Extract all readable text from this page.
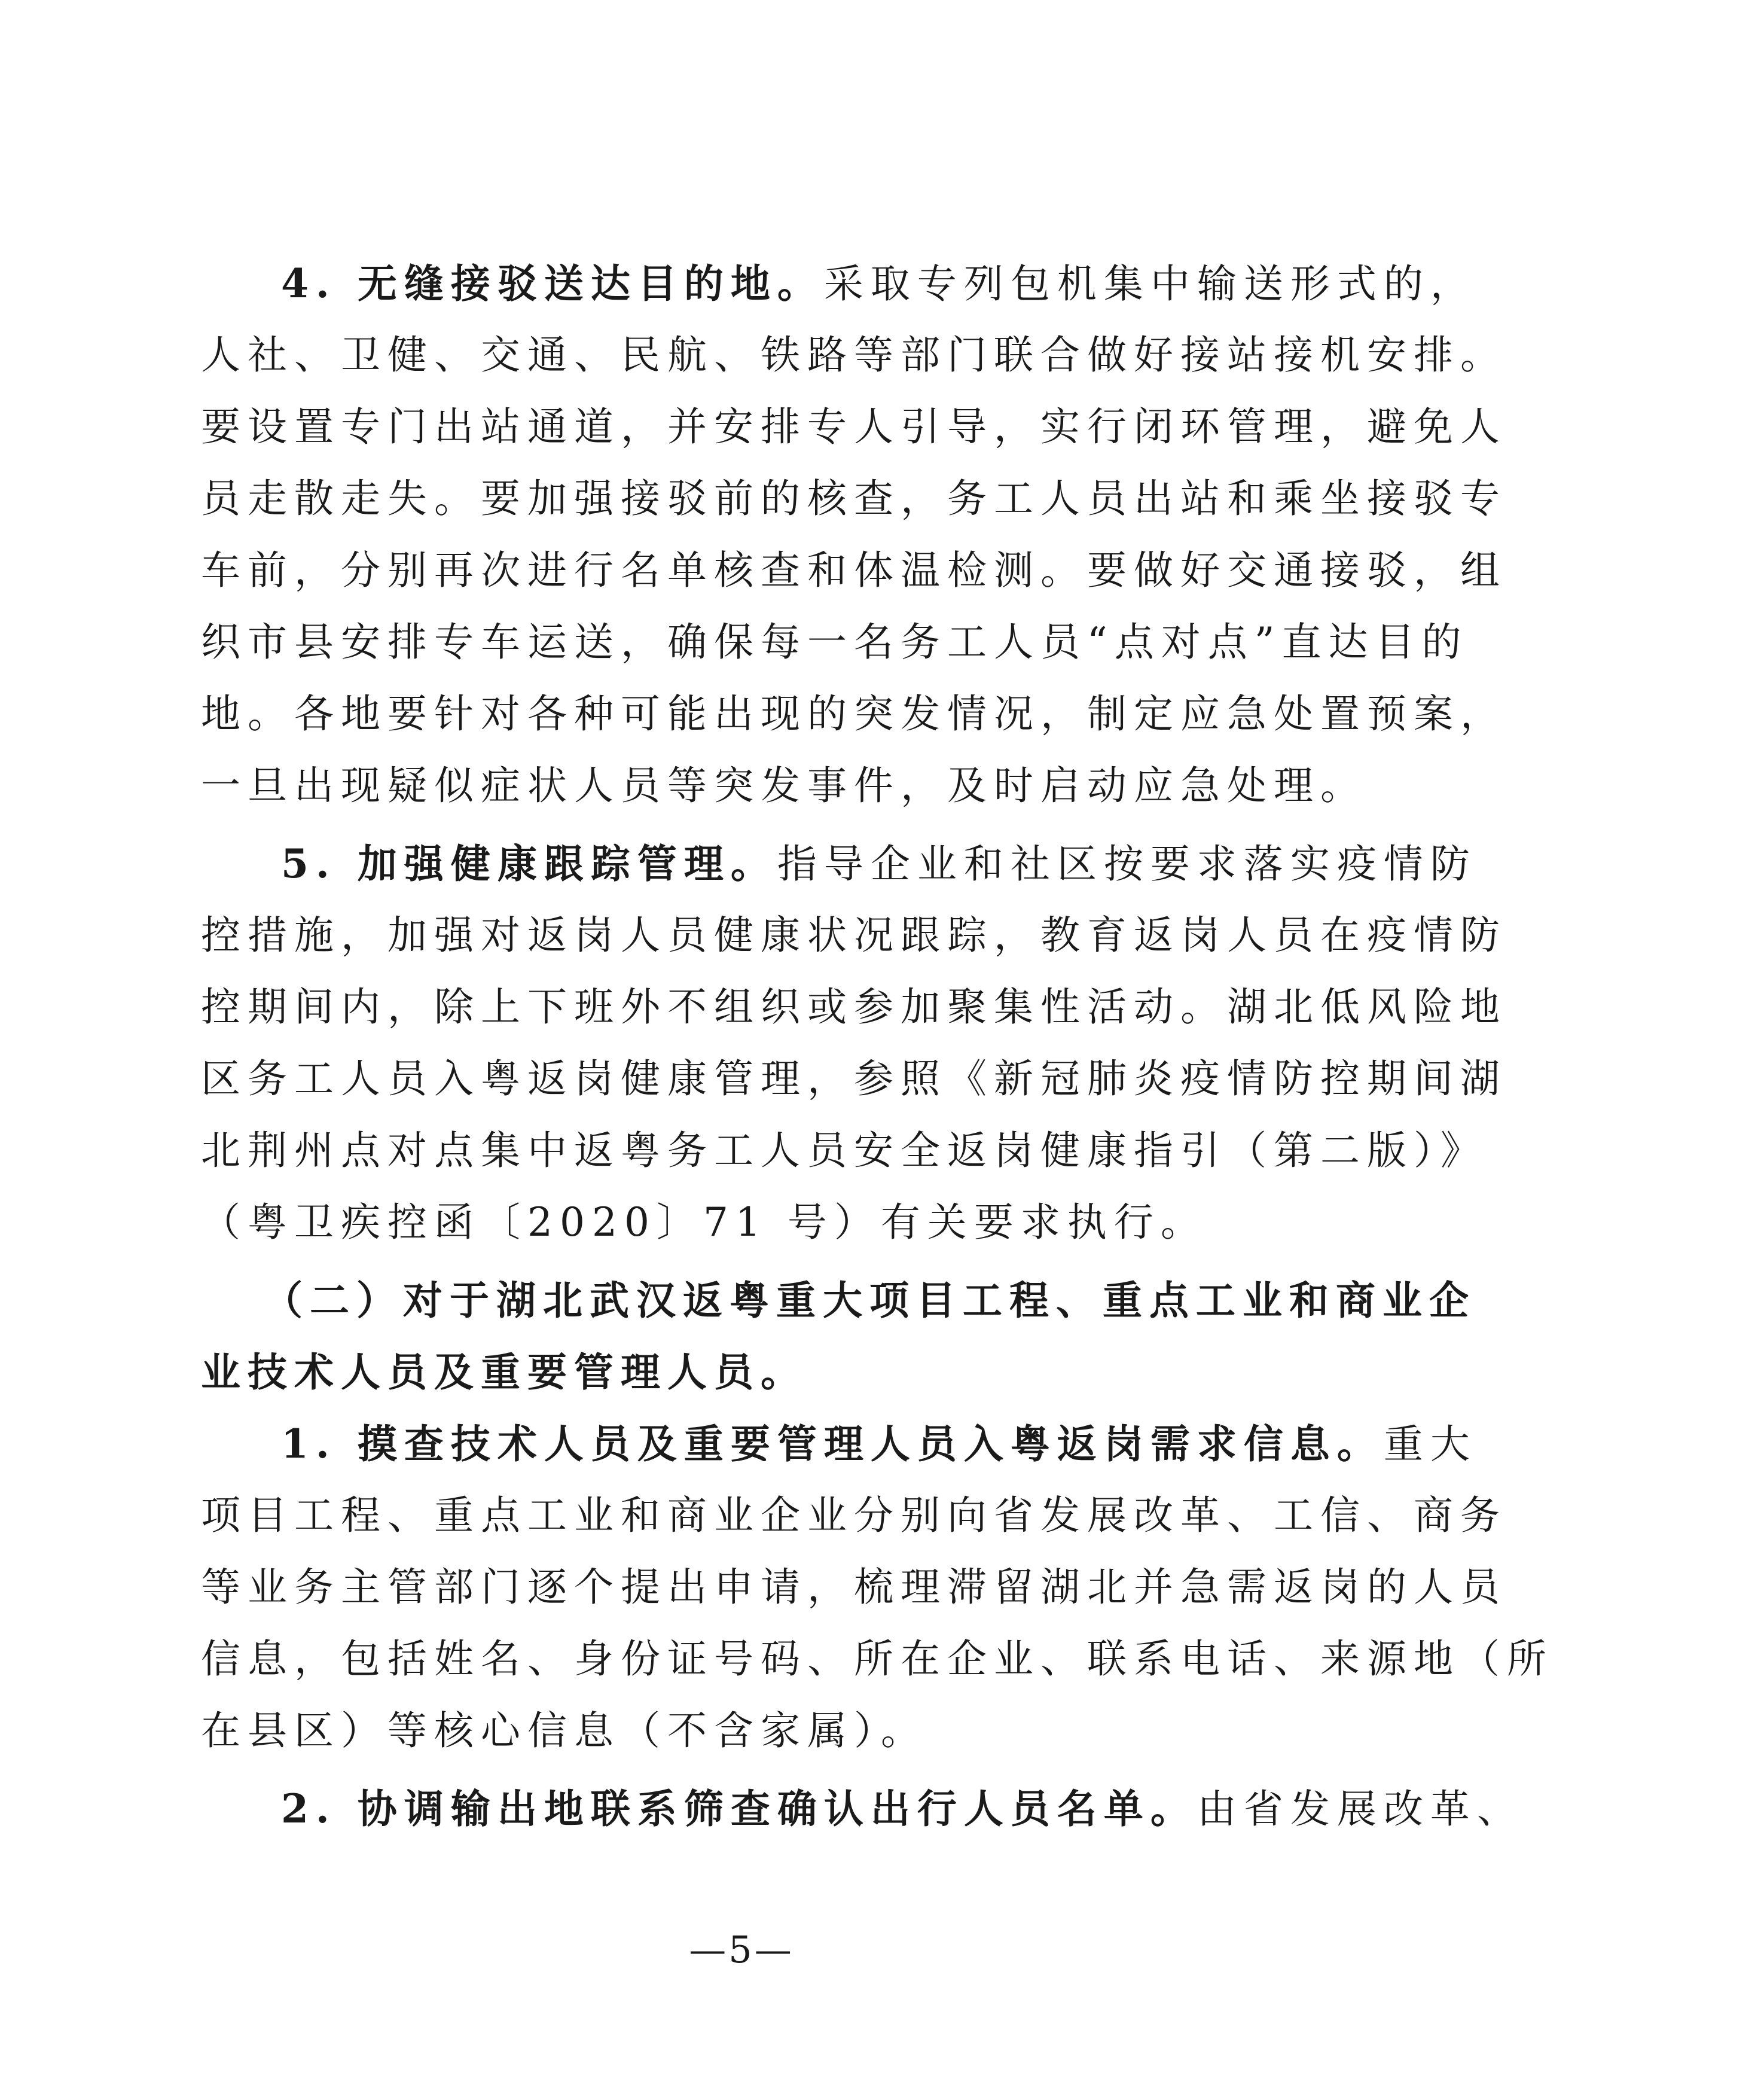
4. 无缝接驳送达目的地。采取专列包机集中输送形式的，
人社、卫健、交通、民航、铁路等部门联合做好接站接机安排。
要设置专门出站通道，并安排专人引导，实行闭环管理，避免人
员走散走失。要加强接驳前的核查，务工人员出站和乘坐接驳专
车前，分别再次进行名单核查和体温检测。要做好交通接驳，组
织市县安排专车运送，确保每一名务工人员“点对点”直达目的
地。各地要针对各种可能出现的突发情况，制定应急处置预案，
一旦出现疑似症状人员等突发事件，及时启动应急处理。
5. 加强健康跟踪管理。指导企业和社区按要求落实疫情防
控措施，加强对返岗人员健康状况跟踪，教育返岗人员在疫情防
控期间内，除上下班外不组织或参加聚集性活动。湖北低风险地
区务工人员入粤返岗健康管理，参照《新冠肺炎疫情防控期间湖
北荆州点对点集中返粤务工人员安全返岗健康指引（第二版）》
（粤卫疾控函〔2020〕71 号）有关要求执行。
（二）对于湖北武汉返粤重大项目工程、重点工业和商业企
业技术人员及重要管理人员。
1. 摸查技术人员及重要管理人员入粤返岗需求信息。重大
项目工程、重点工业和商业企业分别向省发展改革、工信、商务
等业务主管部门逐个提出申请，梳理滞留湖北并急需返岗的人员
信息，包括姓名、身份证号码、所在企业、联系电话、来源地（所
在县区）等核心信息（不含家属）。
2. 协调输出地联系筛查确认出行人员名单。由省发展改革、
—5—
